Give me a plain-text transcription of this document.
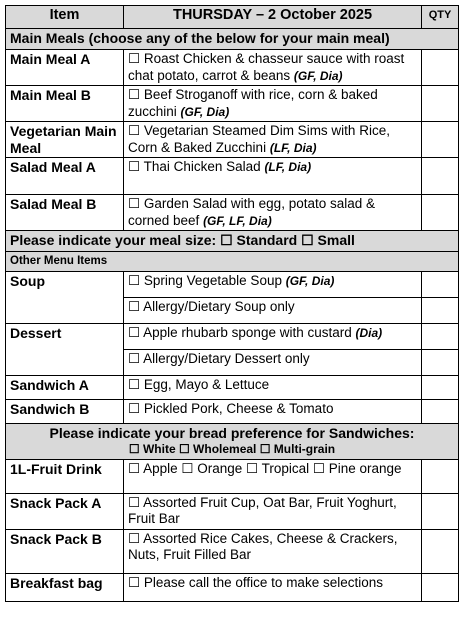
Item	THURSDAY – 2 October 2025	QTY
Main Meals (choose any of the below for your main meal)		
Main Meal A	☐ Roast Chicken & chasseur sauce with roast chat potato, carrot & beans (GF, Dia)	
Main Meal B	☐ Beef Stroganoff with rice, corn & baked zucchini (GF, Dia)	
Vegetarian Main Meal	☐ Vegetarian Steamed Dim Sims with Rice, Corn & Baked Zucchini (LF, Dia)	
Salad Meal A	☐ Thai Chicken Salad (LF, Dia)	
Salad Meal B	☐ Garden Salad with egg, potato salad & corned beef (GF, LF, Dia)	
Please indicate your meal size: ☐ Standard ☐ Small		
Other Menu Items		
Soup	☐ Spring Vegetable Soup (GF, Dia)	
	☐ Allergy/Dietary Soup only	
Dessert	☐ Apple rhubarb sponge with custard (Dia)	
	☐ Allergy/Dietary Dessert only	
Sandwich A	☐ Egg, Mayo & Lettuce	
Sandwich B	☐ Pickled Pork, Cheese & Tomato	

Please indicate your bread preference for Sandwiches:
☐ White ☐ Wholemeal ☐ Multi-grain		

1L-Fruit Drink	☐ Apple ☐ Orange ☐ Tropical ☐ Pine orange	
Snack Pack A	☐ Assorted Fruit Cup, Oat Bar, Fruit Yoghurt, Fruit Bar	
Snack Pack B	☐ Assorted Rice Cakes, Cheese & Crackers, Nuts, Fruit Filled Bar	
Breakfast bag	☐ Please call the office to make selections	
